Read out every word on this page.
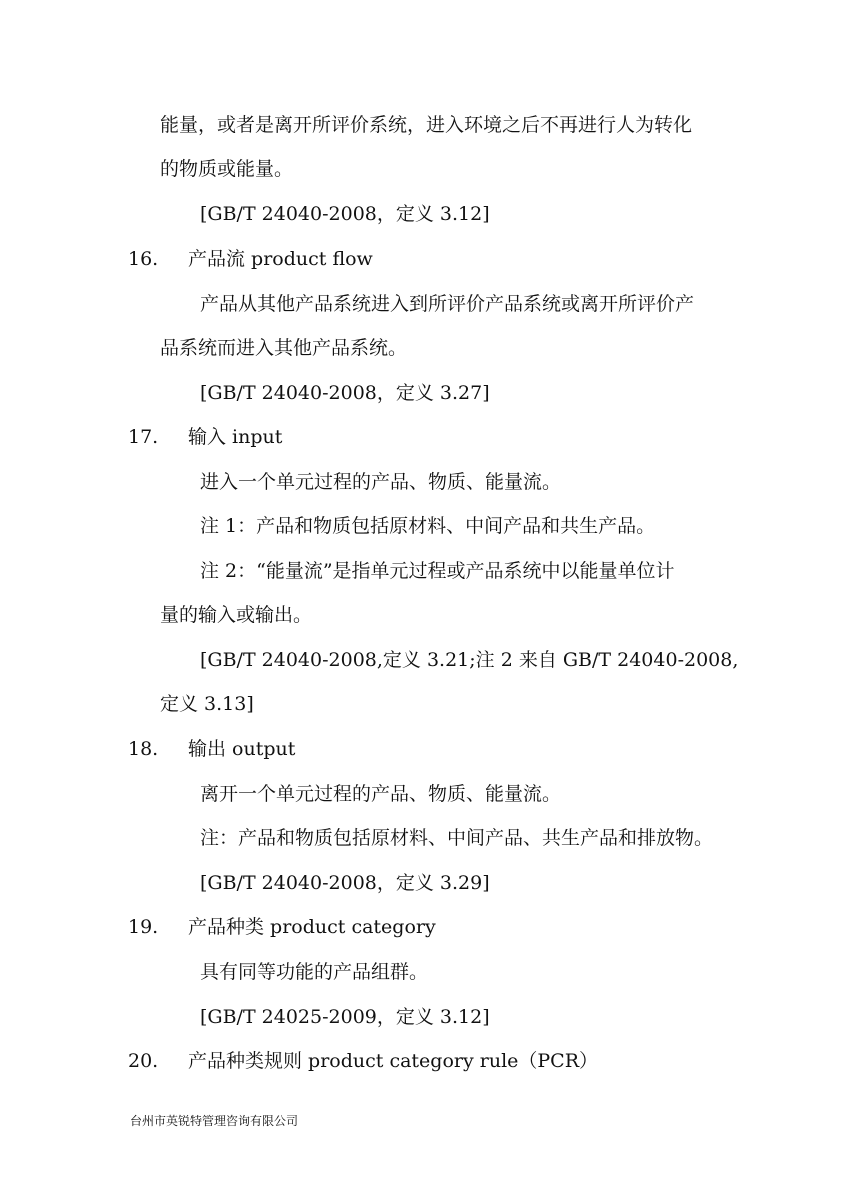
能量，或者是离开所评价系统，进入环境之后不再进行人为转化
的物质或能量。
[GB/T 24040-2008，定义 3.12]
16. 产品流 product flow
产品从其他产品系统进入到所评价产品系统或离开所评价产
品系统而进入其他产品系统。
[GB/T 24040-2008，定义 3.27]
17. 输入 input
进入一个单元过程的产品、物质、能量流。
注 1：产品和物质包括原材料、中间产品和共生产品。
注 2：“能量流”是指单元过程或产品系统中以能量单位计
量的输入或输出。
[GB/T 24040-2008,定义 3.21;注 2 来自 GB/T 24040-2008,
定义 3.13]
18. 输出 output
离开一个单元过程的产品、物质、能量流。
注：产品和物质包括原材料、中间产品、共生产品和排放物。
[GB/T 24040-2008，定义 3.29]
19. 产品种类 product category
具有同等功能的产品组群。
[GB/T 24025-2009，定义 3.12]
20. 产品种类规则 product category rule（PCR）
台州市英锐特管理咨询有限公司
